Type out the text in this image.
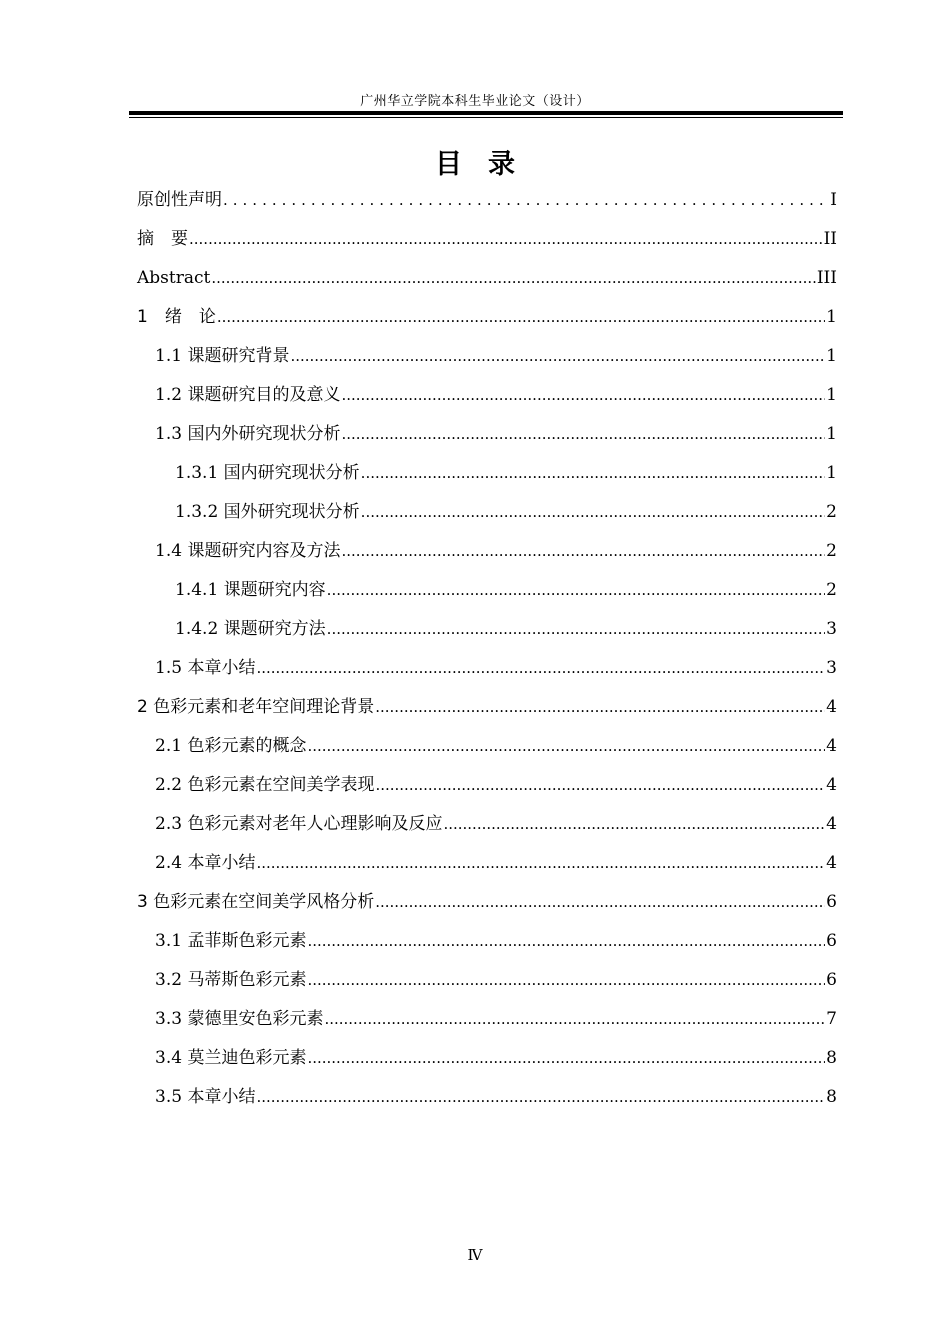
广州华立学院本科生毕业论文（设计）
目录
原创性声明 .....	I
摘　要 .....	II
Abstract .....	III
1　绪　论 .....	1
1.1 课题研究背景 .....	1
1.2 课题研究目的及意义 .....	1
1.3 国内外研究现状分析 .....	1
1.3.1 国内研究现状分析 .....	1
1.3.2 国外研究现状分析 .....	2
1.4 课题研究内容及方法 .....	2
1.4.1 课题研究内容 .....	2
1.4.2 课题研究方法 .....	3
1.5 本章小结 .....	3
2 色彩元素和老年空间理论背景 .....	4
2.1 色彩元素的概念 .....	4
2.2 色彩元素在空间美学表现 .....	4
2.3 色彩元素对老年人心理影响及反应 .....	4
2.4 本章小结 .....	4
3 色彩元素在空间美学风格分析 .....	6
3.1 孟菲斯色彩元素 .....	6
3.2 马蒂斯色彩元素 .....	6
3.3 蒙德里安色彩元素 .....	7
3.4 莫兰迪色彩元素 .....	8
3.5 本章小结 .....	8
Ⅳ
